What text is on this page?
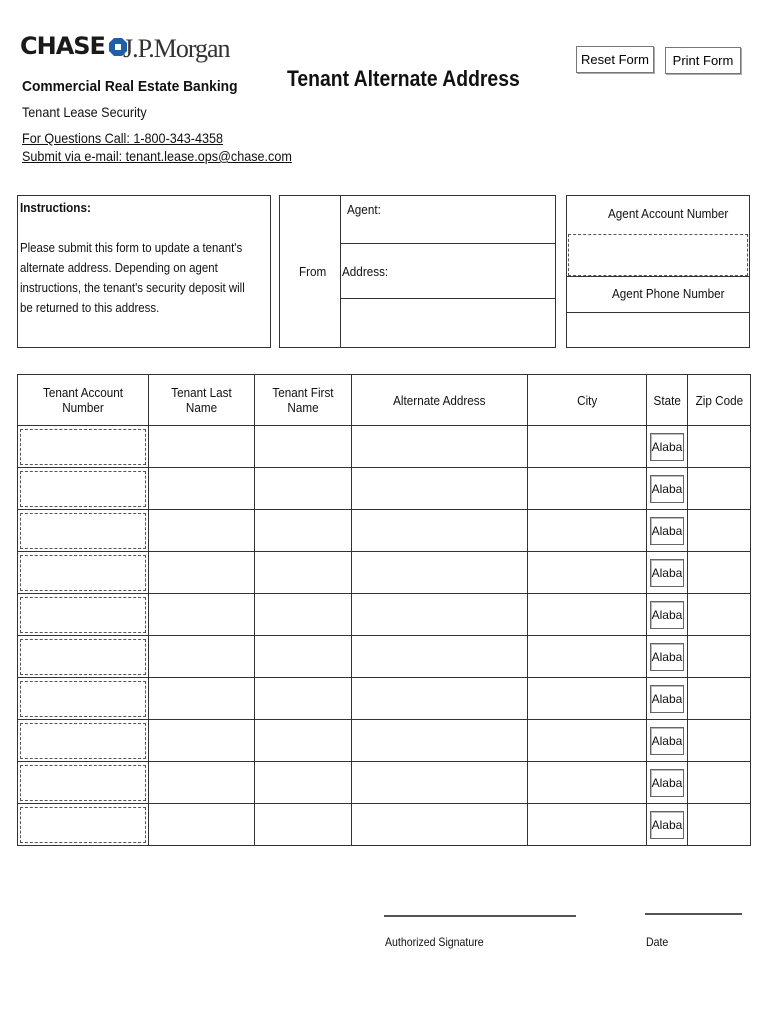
CHASE J.P.Morgan
Commercial Real Estate Banking Tenant Alternate Address
Tenant Lease Security
For Questions Call: 1-800-343-4358
Submit via e-mail: tenant.lease.ops@chase.com
Reset Form	Print Form
Instructions:
Please submit this form to update a tenant's alternate address. Depending on agent instructions, the tenant's security deposit will be returned to this address.
From
Agent:
Address:
Agent Account Number
Agent Phone Number
Tenant Account Number	Tenant Last Name	Tenant First Name	Alternate Address	City	State	Zip Code

					Alaba	

					Alaba	

					Alaba	

					Alaba	

					Alaba	

					Alaba	

					Alaba	

					Alaba	

					Alaba	

					Alaba	

Authorized Signature	Date
